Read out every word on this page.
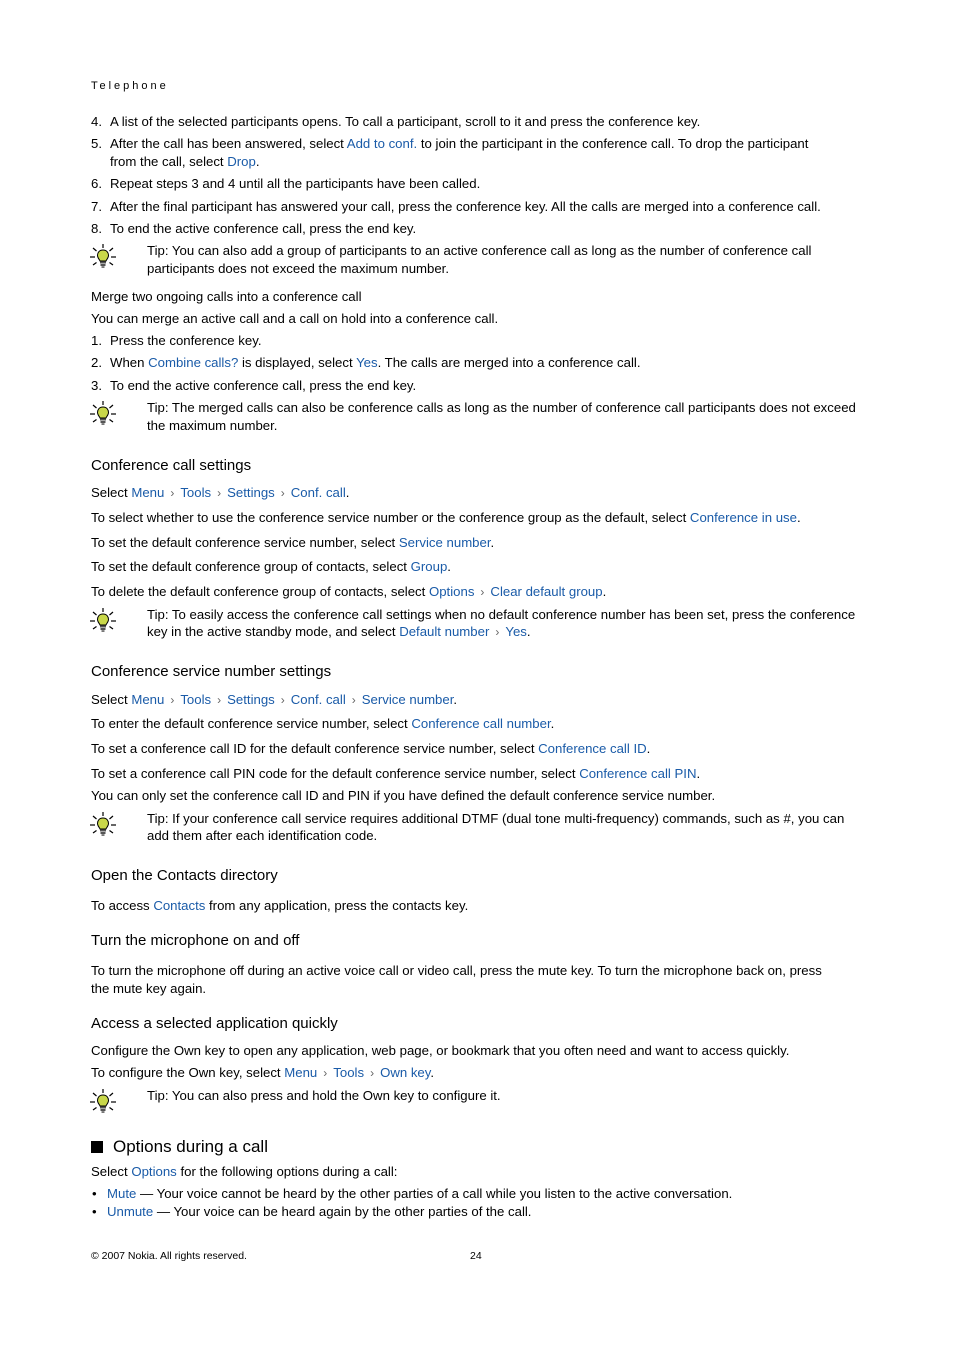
Telephone
4. A list of the selected participants opens. To call a participant, scroll to it and press the conference key.
5. After the call has been answered, select Add to conf. to join the participant in the conference call. To drop the participant
from the call, select Drop.
6. Repeat steps 3 and 4 until all the participants have been called.
7. After the final participant has answered your call, press the conference key. All the calls are merged into a conference call.
8. To end the active conference call, press the end key.
Tip: You can also add a group of participants to an active conference call as long as the number of conference call
participants does not exceed the maximum number.
Merge two ongoing calls into a conference call
You can merge an active call and a call on hold into a conference call.
1. Press the conference key.
2. When Combine calls? is displayed, select Yes. The calls are merged into a conference call.
3. To end the active conference call, press the end key.
Tip: The merged calls can also be conference calls as long as the number of conference call participants does not exceed
the maximum number.
Conference call settings
Select Menu › Tools › Settings › Conf. call.
To select whether to use the conference service number or the conference group as the default, select Conference in use.
To set the default conference service number, select Service number.
To set the default conference group of contacts, select Group.
To delete the default conference group of contacts, select Options › Clear default group.
Tip: To easily access the conference call settings when no default conference number has been set, press the conference
key in the active standby mode, and select Default number › Yes.
Conference service number settings
Select Menu › Tools › Settings › Conf. call › Service number.
To enter the default conference service number, select Conference call number.
To set a conference call ID for the default conference service number, select Conference call ID.
To set a conference call PIN code for the default conference service number, select Conference call PIN.
You can only set the conference call ID and PIN if you have defined the default conference service number.
Tip: If your conference call service requires additional DTMF (dual tone multi-frequency) commands, such as #, you can
add them after each identification code.
Open the Contacts directory
To access Contacts from any application, press the contacts key.
Turn the microphone on and off
To turn the microphone off during an active voice call or video call, press the mute key. To turn the microphone back on, press
the mute key again.
Access a selected application quickly
Configure the Own key to open any application, web page, or bookmark that you often need and want to access quickly.
To configure the Own key, select Menu › Tools › Own key.
Tip: You can also press and hold the Own key to configure it.
Options during a call
Select Options for the following options during a call:
• Mute — Your voice cannot be heard by the other parties of a call while you listen to the active conversation.
• Unmute — Your voice can be heard again by the other parties of the call.
© 2007 Nokia. All rights reserved.	24
